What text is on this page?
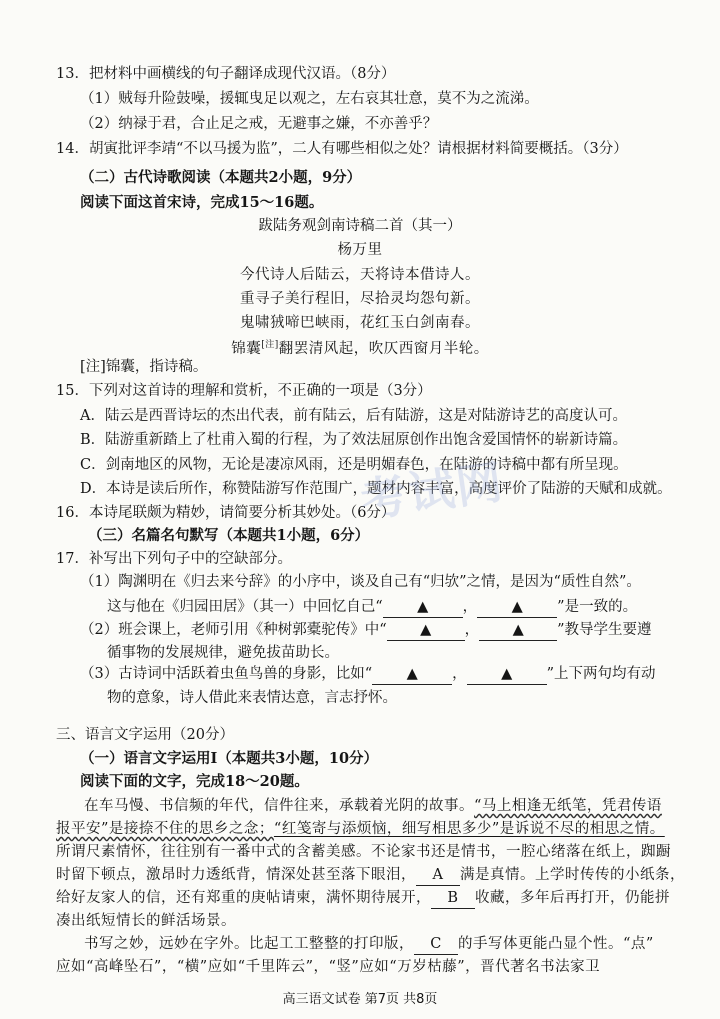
13．把材料中画横线的句子翻译成现代汉语。（8分）
（1）贼每升险鼓噪，援辄曳足以观之，左右哀其壮意，莫不为之流涕。
（2）纳禄于君，合止足之戒，无避事之嫌，不亦善乎？
14．胡寅批评李靖“不以马援为监”，二人有哪些相似之处？请根据材料简要概括。（3分）
（二）古代诗歌阅读（本题共2小题，9分）
阅读下面这首宋诗，完成15～16题。
跋陆务观剑南诗稿二首（其一）
杨万里
今代诗人后陆云，天将诗本借诗人。
重寻子美行程旧，尽拾灵均怨句新。
鬼啸狨啼巴峡雨，花红玉白剑南春。
锦囊[注]翻罢清风起，吹仄西窗月半轮。
[注]锦囊，指诗稿。
15．下列对这首诗的理解和赏析，不正确的一项是（3分）
A．陆云是西晋诗坛的杰出代表，前有陆云，后有陆游，这是对陆游诗艺的高度认可。
B．陆游重新踏上了杜甫入蜀的行程，为了效法屈原创作出饱含爱国情怀的崭新诗篇。
C．剑南地区的风物，无论是凄凉风雨，还是明媚春色，在陆游的诗稿中都有所呈现。
D．本诗是读后所作，称赞陆游写作范围广，题材内容丰富，高度评价了陆游的天赋和成就。
16．本诗尾联颇为精妙，请简要分析其妙处。（6分）
（三）名篇名句默写（本题共1小题，6分）
17．补写出下列句子中的空缺部分。
（1）陶渊明在《归去来兮辞》的小序中，谈及自己有“归欤”之情，是因为“质性自然”。
这与他在《归园田居》（其一）中回忆自己“ ▲ ， ▲ ”是一致的。
（2）班会课上，老师引用《种树郭橐驼传》中“ ▲ ， ▲ ”教导学生要遵
循事物的发展规律，避免拔苗助长。
（3）古诗词中活跃着虫鱼鸟兽的身影，比如“ ▲ ， ▲ ”上下两句均有动
物的意象，诗人借此来表情达意，言志抒怀。
三、语言文字运用（20分）
（一）语言文字运用Ⅰ（本题共3小题，10分）
阅读下面的文字，完成18～20题。
在车马慢、书信频的年代，信件往来，承载着光阴的故事。“马上相逢无纸笔，凭君传语
报平安”是接捺不住的思乡之念；“红笺寄与添烦恼，细写相思多少”是诉说不尽的相思之情。
所谓尺素情怀，往往别有一番中式的含蓄美感。不论家书还是情书，一腔心绪落在纸上，踟蹰
时留下顿点，激昂时力透纸背，情深处甚至落下眼泪， A 满是真情。上学时传传的小纸条，
给好友家人的信，还有郑重的庚帖请柬，满怀期待展开， B 收藏，多年后再打开，仍能拼
凑出纸短情长的鲜活场景。
书写之妙，远妙在字外。比起工工整整的打印版， C 的手写体更能凸显个性。“点”
应如“高峰坠石”，“横”应如“千里阵云”，“竖”应如“万岁枯藤”，晋代著名书法家卫
考试网
高三语文试卷 第7页 共8页
